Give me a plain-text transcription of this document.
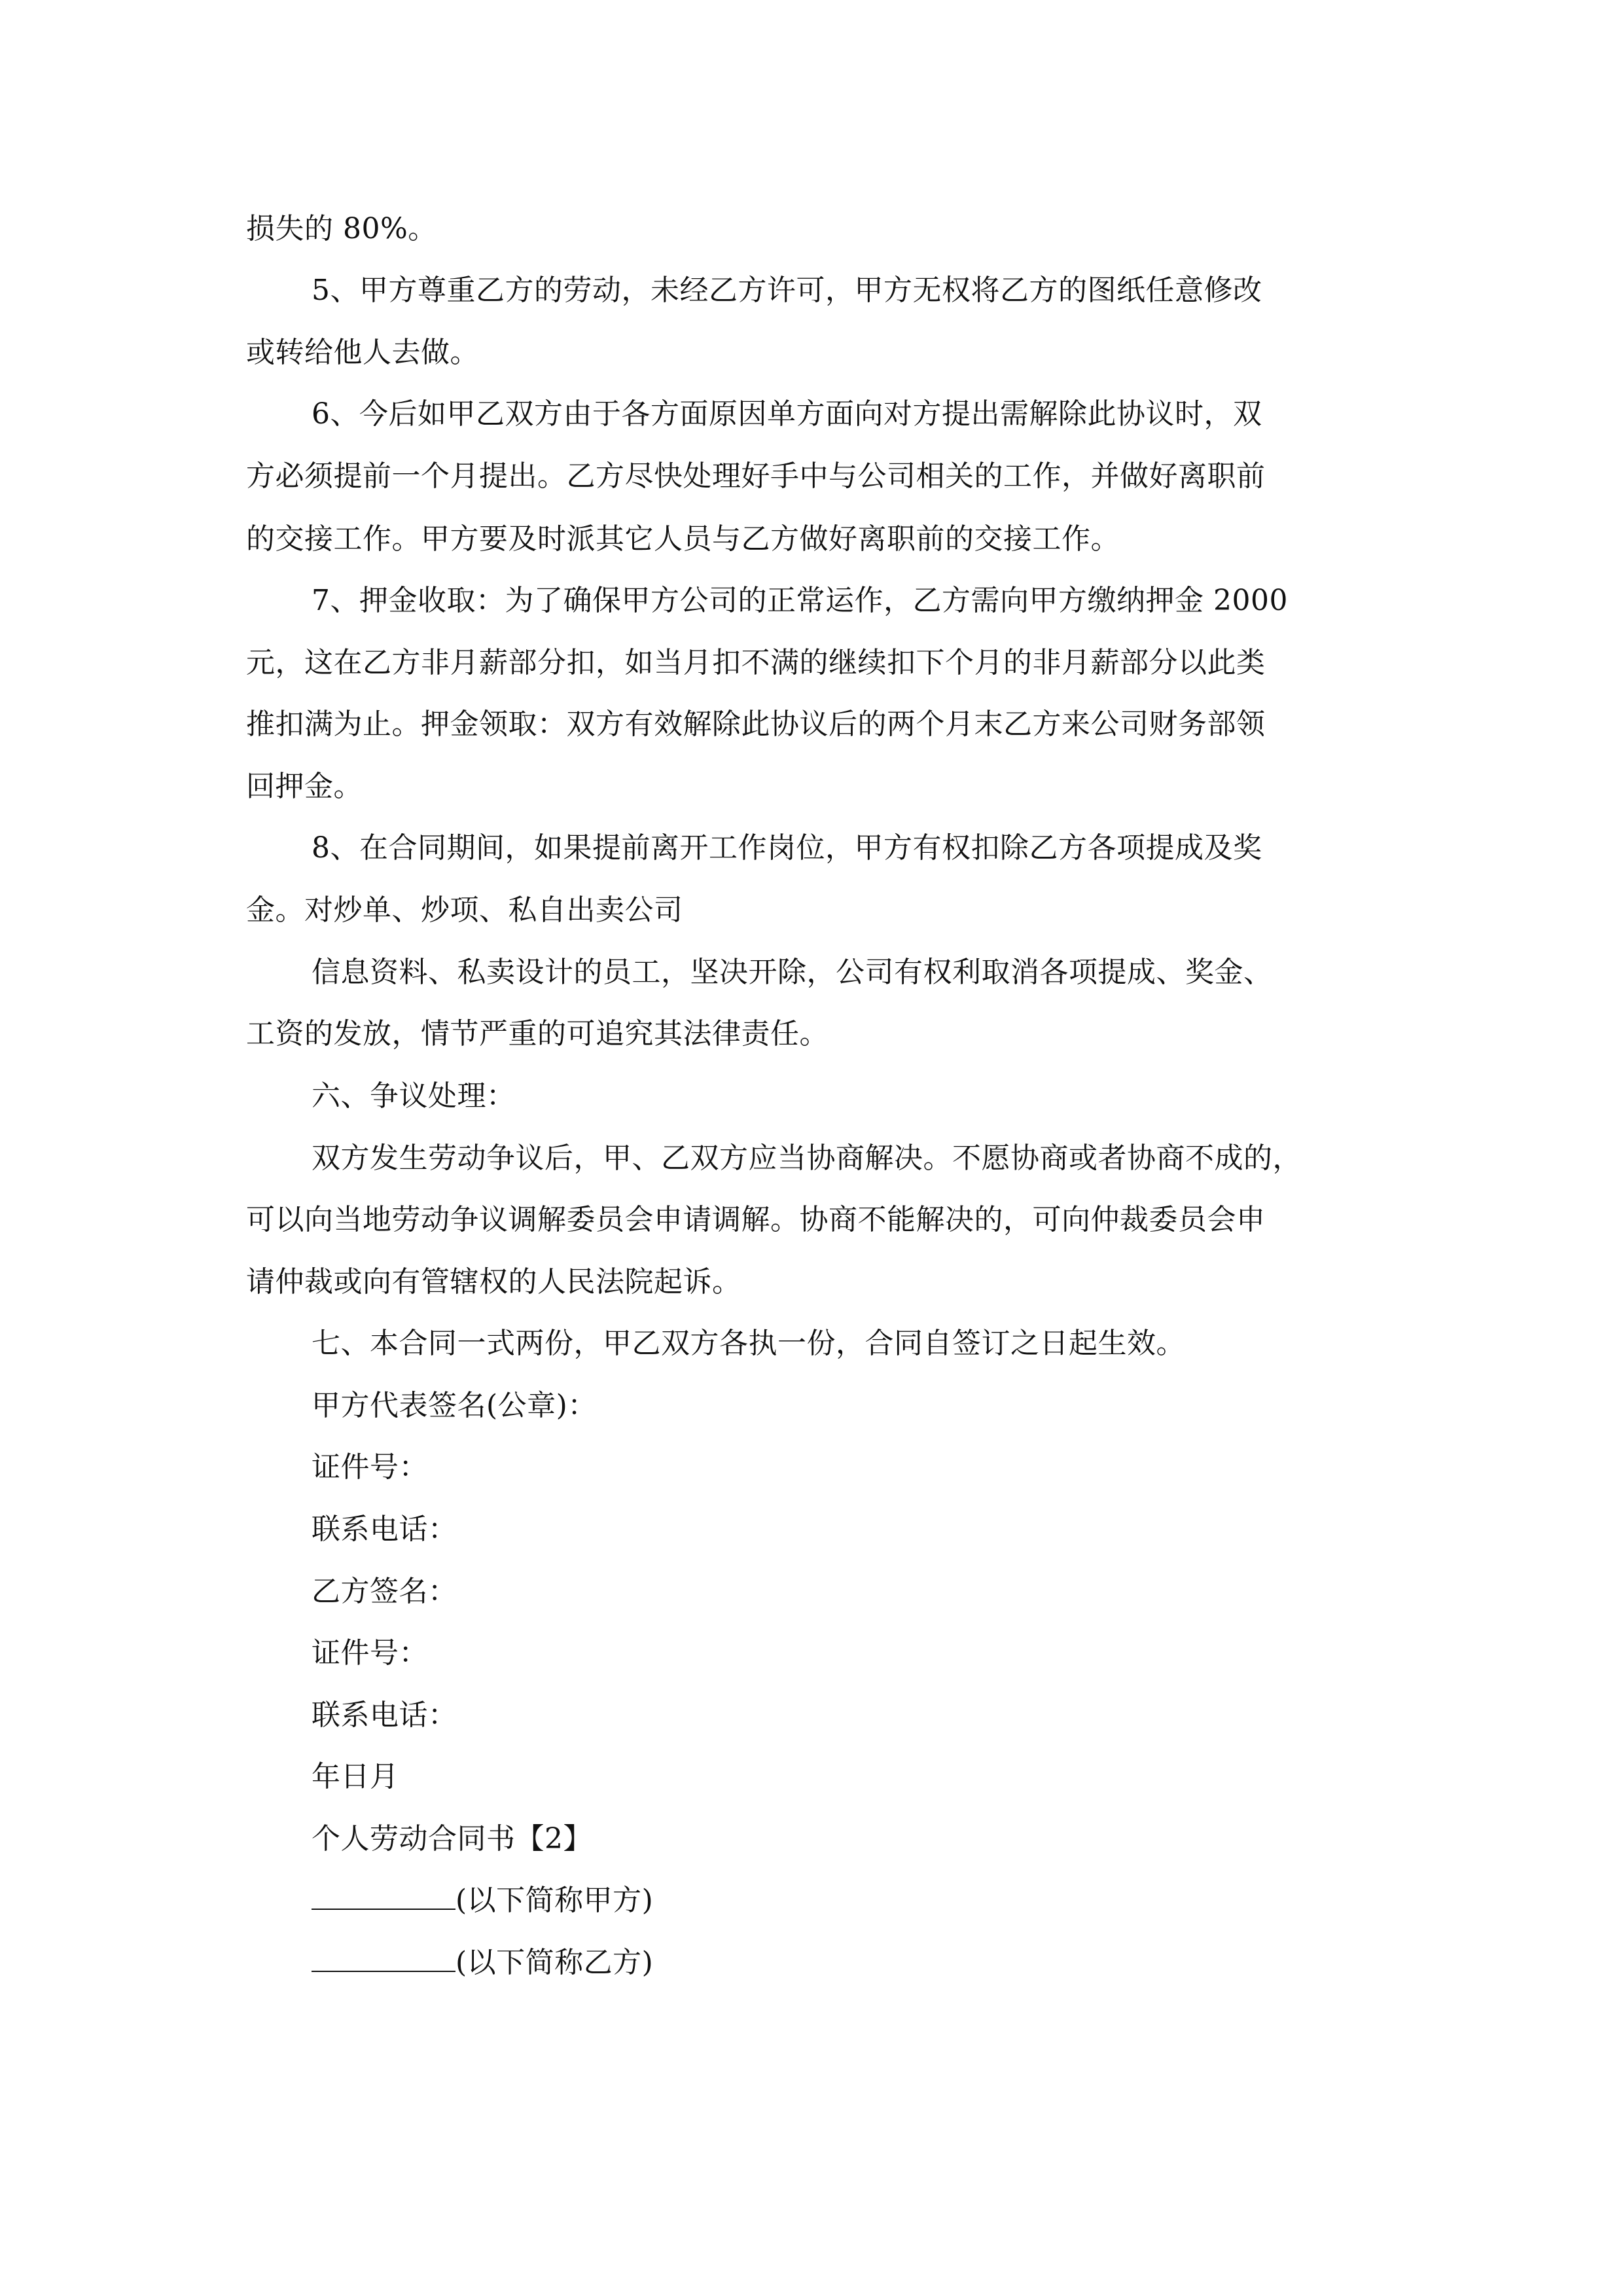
损失的 80%。
5、甲方尊重乙方的劳动，未经乙方许可，甲方无权将乙方的图纸任意修改
或转给他人去做。
6、今后如甲乙双方由于各方面原因单方面向对方提出需解除此协议时，双
方必须提前一个月提出。乙方尽快处理好手中与公司相关的工作，并做好离职前
的交接工作。甲方要及时派其它人员与乙方做好离职前的交接工作。
7、押金收取：为了确保甲方公司的正常运作，乙方需向甲方缴纳押金 2000
元，这在乙方非月薪部分扣，如当月扣不满的继续扣下个月的非月薪部分以此类
推扣满为止。押金领取：双方有效解除此协议后的两个月末乙方来公司财务部领
回押金。
8、在合同期间，如果提前离开工作岗位，甲方有权扣除乙方各项提成及奖
金。对炒单、炒项、私自出卖公司
信息资料、私卖设计的员工，坚决开除，公司有权利取消各项提成、奖金、
工资的发放，情节严重的可追究其法律责任。
六、争议处理：
双方发生劳动争议后，甲、乙双方应当协商解决。不愿协商或者协商不成的，
可以向当地劳动争议调解委员会申请调解。协商不能解决的，可向仲裁委员会申
请仲裁或向有管辖权的人民法院起诉。
七、本合同一式两份，甲乙双方各执一份，合同自签订之日起生效。
甲方代表签名(公章)：
证件号：
联系电话：
乙方签名：
证件号：
联系电话：
年日月
个人劳动合同书【2】
(以下简称甲方)
(以下简称乙方)
